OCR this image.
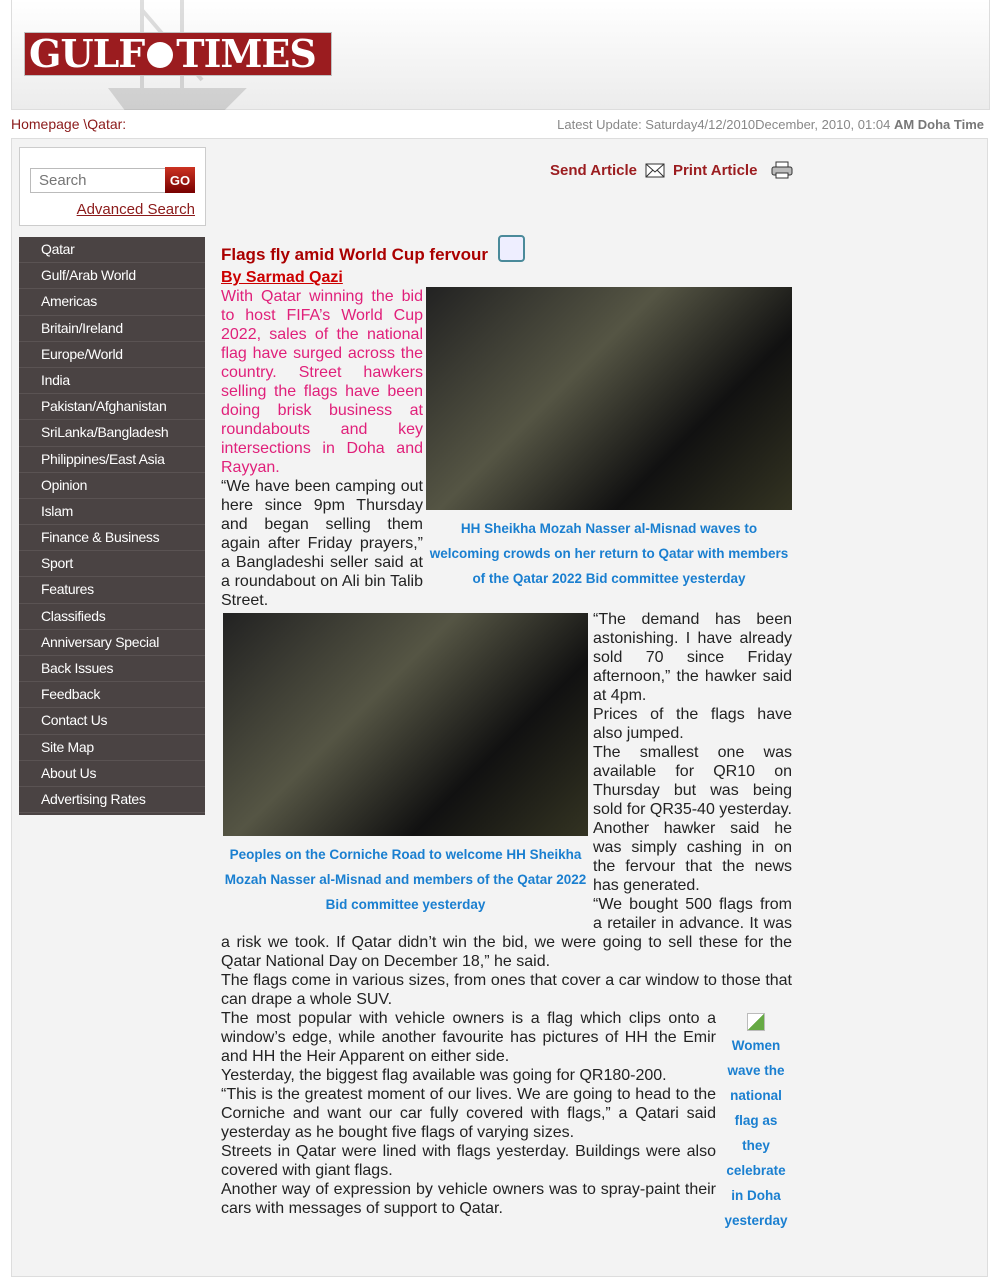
GULF TIMES
Homepage \Qatar:	Latest Update: Saturday4/12/2010December, 2010, 01:04 AM Doha Time
Search
GO
Advanced Search
Qatar
Gulf/Arab World
Americas
Britain/Ireland
Europe/World
India
Pakistan/Afghanistan
SriLanka/Bangladesh
Philippines/East Asia
Opinion
Islam
Finance & Business
Sport
Features
Classifieds
Anniversary Special
Back Issues
Feedback
Contact Us
Site Map
About Us
Advertising Rates
Send Article Print Article
Flags fly amid World Cup fervour
By Sarmad Qazi
HH Sheikha Mozah Nasser al-Misnad waves to welcoming crowds on her return to Qatar with members of the Qatar 2022 Bid committee yesterday

With Qatar winning the bid to host FIFA’s World Cup 2022, sales of the national flag have surged across the country. Street hawkers selling the flags have been doing brisk business at roundabouts and key intersections in Doha and Rayyan.

“We have been camping out here since 9pm Thursday and began selling them again after Friday prayers,” a Bangladeshi seller said at a roundabout on Ali bin Talib Street.

Peoples on the Corniche Road to welcome HH Sheikha Mozah Nasser al-Misnad and members of the Qatar 2022 Bid committee yesterday

“The demand has been astonishing. I have already sold 70 since Friday afternoon,” the hawker said at 4pm.

Prices of the flags have also jumped.

The smallest one was available for QR10 on Thursday but was being sold for QR35-40 yesterday.

Another hawker said he was simply cashing in on the fervour that the news has generated.

“We bought 500 flags from a retailer in advance. It was a risk we took. If Qatar didn’t win the bid, we were going to sell these for the Qatar National Day on December 18,” he said.

The flags come in various sizes, from ones that cover a car window to those that can drape a whole SUV.

Women wave the national flag as they celebrate in Doha yesterday

The most popular with vehicle owners is a flag which clips onto a window’s edge, while another favourite has pictures of HH the Emir and HH the Heir Apparent on either side.

Yesterday, the biggest flag available was going for QR180-200.

“This is the greatest moment of our lives. We are going to head to the Corniche and want our car fully covered with flags,” a Qatari said yesterday as he bought five flags of varying sizes.

Streets in Qatar were lined with flags yesterday. Buildings were also covered with giant flags.

Another way of expression by vehicle owners was to spray-paint their cars with messages of support to Qatar.
